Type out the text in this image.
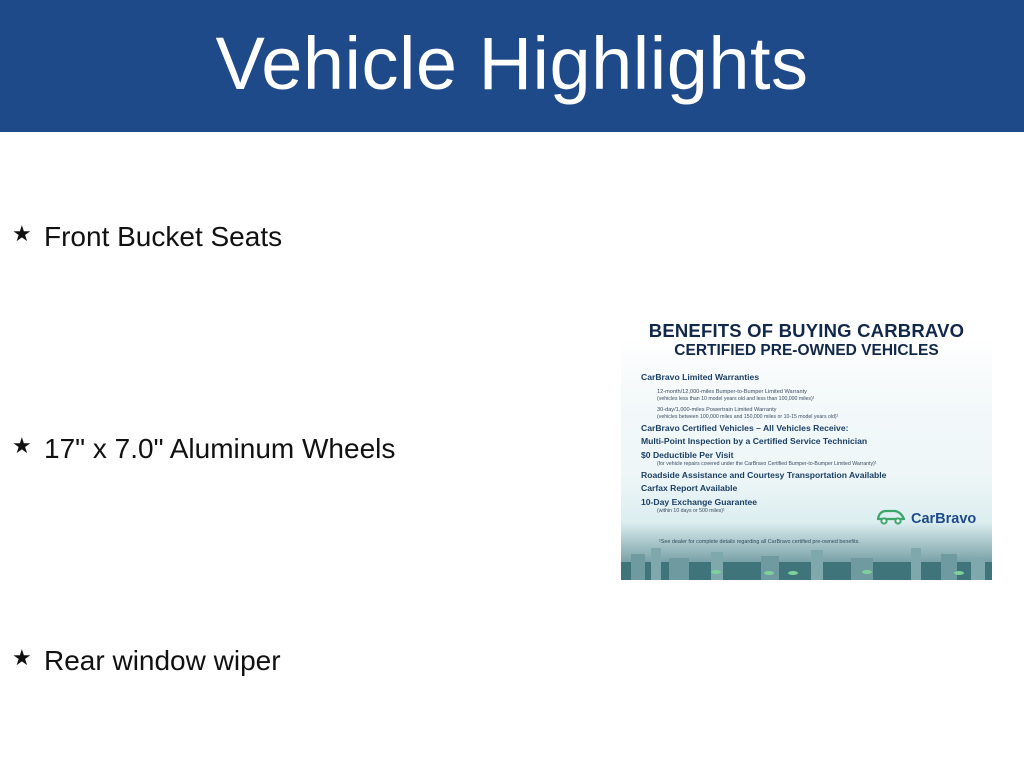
Vehicle Highlights
★ Front Bucket Seats
★ 17" x 7.0" Aluminum Wheels
★ Rear window wiper
BENEFITS OF BUYING CARBRAVO
CERTIFIED PRE-OWNED VEHICLES
CarBravo Limited Warranties
12-month/12,000-miles Bumper-to-Bumper Limited Warranty
(vehicles less than 10 model years old and less than 100,000 miles)¹
30-day/1,000-miles Powertrain Limited Warranty
(vehicles between 100,000 miles and 150,000 miles or 10-15 model years old)¹
CarBravo Certified Vehicles – All Vehicles Receive:
Multi-Point Inspection by a Certified Service Technician
$0 Deductible Per Visit
(for vehicle repairs covered under the CarBravo Certified Bumper-to-Bumper Limited Warranty)¹
Roadside Assistance and Courtesy Transportation Available
Carfax Report Available
10-Day Exchange Guarantee
(within 10 days or 500 miles)¹	CarBravo
¹See dealer for complete details regarding all CarBravo certified pre-owned benefits.
